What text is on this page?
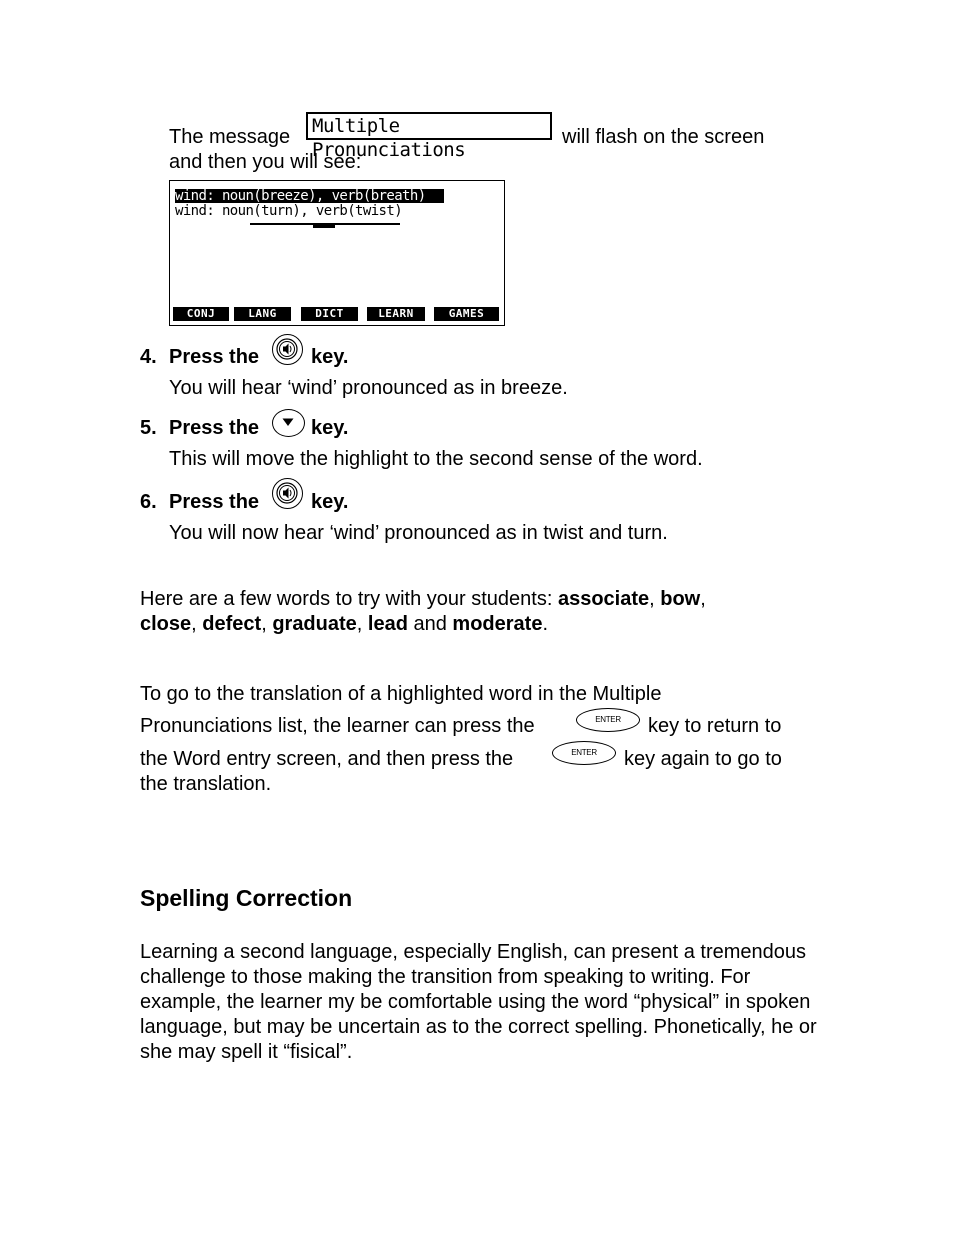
The message	Multiple Pronunciations
will flash on the screen
and then you will see:
wind: noun(breeze), verb(breath)
wind: noun(turn), verb(twist)
CONJ	LANG	DICT	LEARN	GAMES
4. Press the	key.
You will hear ‘wind’ pronounced as in breeze.
5. Press the	key.
This will move the highlight to the second sense of the word.
6. Press the	key.
You will now hear ‘wind’ pronounced as in twist and turn.
Here are a few words to try with your students: associate, bow,
close, defect, graduate, lead and moderate.
To go to the translation of a highlighted word in the Multiple
Pronunciations list, the learner can press the	ENTER	key to return to
the Word entry screen, and then press the	ENTER	key again to go to
the translation.
Spelling Correction
Learning a second language, especially English, can present a tremendous challenge to those making the transition from speaking to writing. For example, the learner my be comfortable using the word “physical” in spoken language, but may be uncertain as to the correct spelling. Phonetically, he or she may spell it “fisical”.
